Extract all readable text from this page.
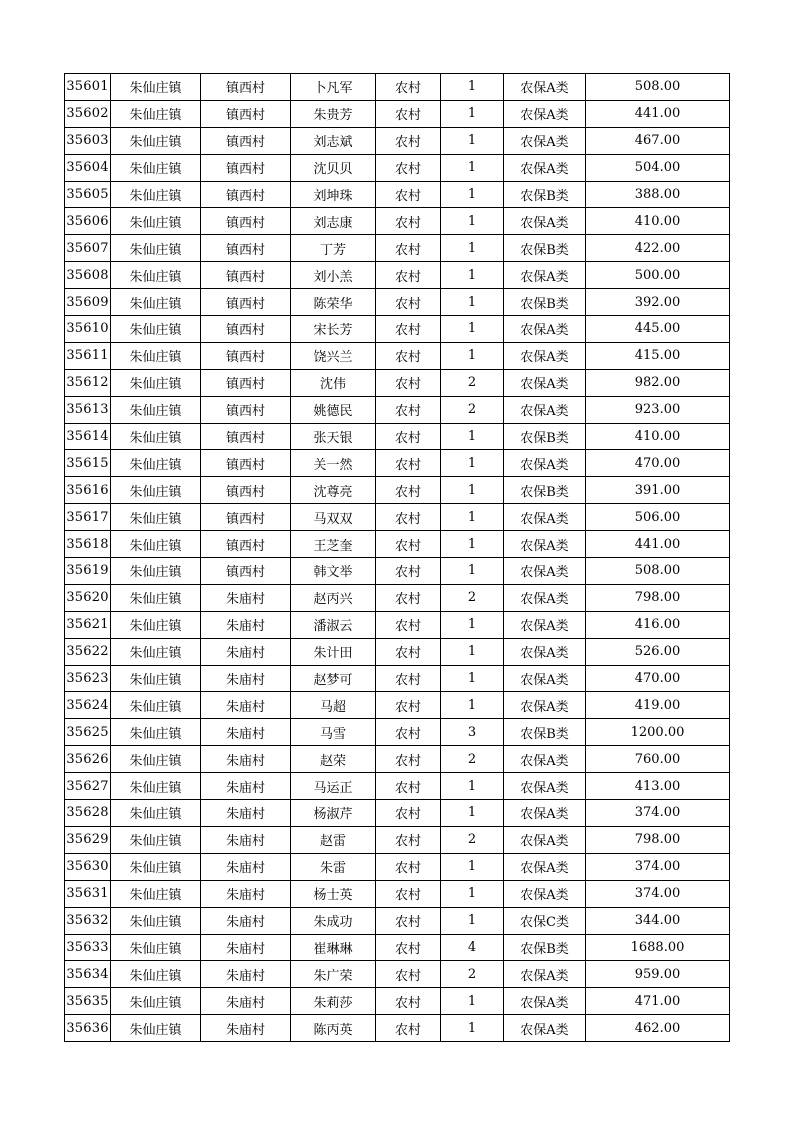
35601	朱仙庄镇	镇西村	卜凡军	农村	1	农保A类	508.00
35602	朱仙庄镇	镇西村	朱贵芳	农村	1	农保A类	441.00
35603	朱仙庄镇	镇西村	刘志斌	农村	1	农保A类	467.00
35604	朱仙庄镇	镇西村	沈贝贝	农村	1	农保A类	504.00
35605	朱仙庄镇	镇西村	刘坤珠	农村	1	农保B类	388.00
35606	朱仙庄镇	镇西村	刘志康	农村	1	农保A类	410.00
35607	朱仙庄镇	镇西村	丁芳	农村	1	农保B类	422.00
35608	朱仙庄镇	镇西村	刘小羔	农村	1	农保A类	500.00
35609	朱仙庄镇	镇西村	陈荣华	农村	1	农保B类	392.00
35610	朱仙庄镇	镇西村	宋长芳	农村	1	农保A类	445.00
35611	朱仙庄镇	镇西村	饶兴兰	农村	1	农保A类	415.00
35612	朱仙庄镇	镇西村	沈伟	农村	2	农保A类	982.00
35613	朱仙庄镇	镇西村	姚德民	农村	2	农保A类	923.00
35614	朱仙庄镇	镇西村	张天银	农村	1	农保B类	410.00
35615	朱仙庄镇	镇西村	关一然	农村	1	农保A类	470.00
35616	朱仙庄镇	镇西村	沈尊亮	农村	1	农保B类	391.00
35617	朱仙庄镇	镇西村	马双双	农村	1	农保A类	506.00
35618	朱仙庄镇	镇西村	王芝奎	农村	1	农保A类	441.00
35619	朱仙庄镇	镇西村	韩文举	农村	1	农保A类	508.00
35620	朱仙庄镇	朱庙村	赵丙兴	农村	2	农保A类	798.00
35621	朱仙庄镇	朱庙村	潘淑云	农村	1	农保A类	416.00
35622	朱仙庄镇	朱庙村	朱计田	农村	1	农保A类	526.00
35623	朱仙庄镇	朱庙村	赵梦可	农村	1	农保A类	470.00
35624	朱仙庄镇	朱庙村	马超	农村	1	农保A类	419.00
35625	朱仙庄镇	朱庙村	马雪	农村	3	农保B类	1200.00
35626	朱仙庄镇	朱庙村	赵荣	农村	2	农保A类	760.00
35627	朱仙庄镇	朱庙村	马运正	农村	1	农保A类	413.00
35628	朱仙庄镇	朱庙村	杨淑芹	农村	1	农保A类	374.00
35629	朱仙庄镇	朱庙村	赵雷	农村	2	农保A类	798.00
35630	朱仙庄镇	朱庙村	朱雷	农村	1	农保A类	374.00
35631	朱仙庄镇	朱庙村	杨士英	农村	1	农保A类	374.00
35632	朱仙庄镇	朱庙村	朱成功	农村	1	农保C类	344.00
35633	朱仙庄镇	朱庙村	崔琳琳	农村	4	农保B类	1688.00
35634	朱仙庄镇	朱庙村	朱广荣	农村	2	农保A类	959.00
35635	朱仙庄镇	朱庙村	朱莉莎	农村	1	农保A类	471.00
35636	朱仙庄镇	朱庙村	陈丙英	农村	1	农保A类	462.00
